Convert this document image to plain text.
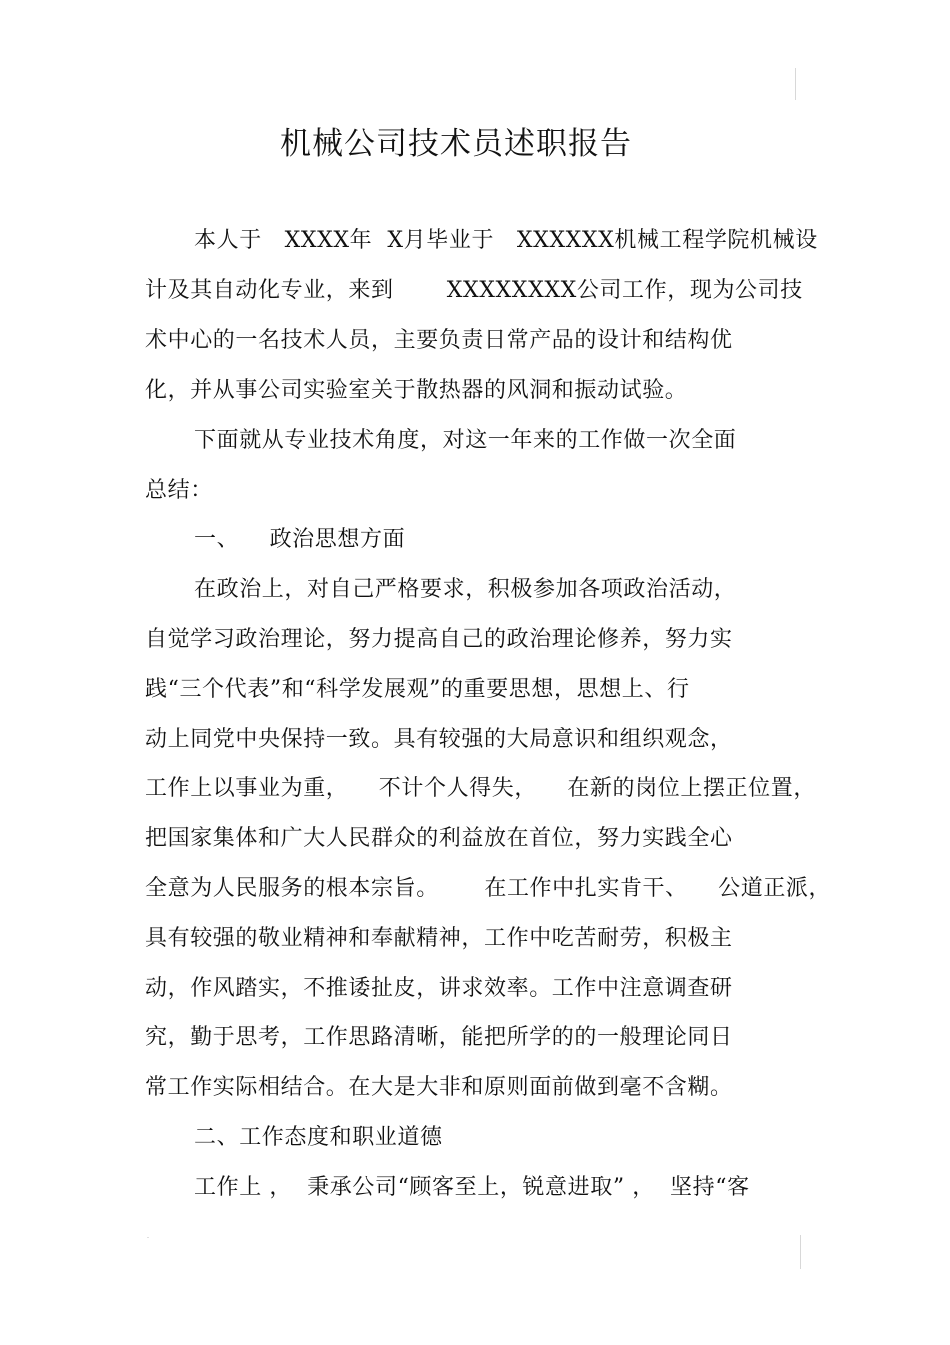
机械公司技术员述职报告
本人于   XXXX年  X月毕业于   XXXXXX机械工程学院机械设
计及其自动化专业，来到       XXXXXXXX公司工作，现为公司技
术中心的一名技术人员，主要负责日常产品的设计和结构优
化，并从事公司实验室关于散热器的风洞和振动试验。
下面就从专业技术角度，对这一年来的工作做一次全面
总结：
一、    政治思想方面
在政治上，对自己严格要求，积极参加各项政治活动，
自觉学习政治理论，努力提高自己的政治理论修养，努力实
践“三个代表”和“科学发展观”的重要思想，思想上、行
动上同党中央保持一致。具有较强的大局意识和组织观念，
工作上以事业为重，    不计个人得失，    在新的岗位上摆正位置，
把国家集体和广大人民群众的利益放在首位，努力实践全心
全意为人民服务的根本宗旨。      在工作中扎实肯干、    公道正派，
具有较强的敬业精神和奉献精神，工作中吃苦耐劳，积极主
动，作风踏实，不推诿扯皮，讲求效率。工作中注意调查研
究，勤于思考，工作思路清晰，能把所学的的一般理论同日
常工作实际相结合。在大是大非和原则面前做到毫不含糊。
二、工作态度和职业道德
工作上 ，  秉承公司“顾客至上，锐意进取” ，  坚持“客
